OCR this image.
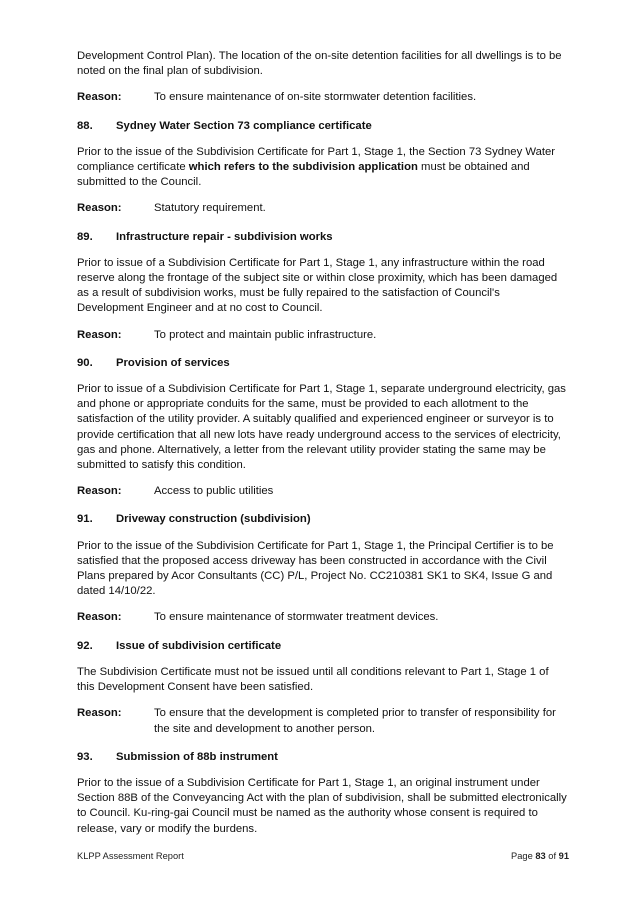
Development Control Plan). The location of the on-site detention facilities for all dwellings is to be noted on the final plan of subdivision.

Reason:	To ensure maintenance of on-site stormwater detention facilities.
88.	Sydney Water Section 73 compliance certificate

Prior to the issue of the Subdivision Certificate for Part 1, Stage 1, the Section 73 Sydney Water compliance certificate which refers to the subdivision application must be obtained and submitted to the Council.

Reason:	Statutory requirement.
89.	Infrastructure repair - subdivision works

Prior to issue of a Subdivision Certificate for Part 1, Stage 1, any infrastructure within the road reserve along the frontage of the subject site or within close proximity, which has been damaged as a result of subdivision works, must be fully repaired to the satisfaction of Council's Development Engineer and at no cost to Council.

Reason:	To protect and maintain public infrastructure.
90.	Provision of services

Prior to issue of a Subdivision Certificate for Part 1, Stage 1, separate underground electricity, gas and phone or appropriate conduits for the same, must be provided to each allotment to the satisfaction of the utility provider. A suitably qualified and experienced engineer or surveyor is to provide certification that all new lots have ready underground access to the services of electricity, gas and phone. Alternatively, a letter from the relevant utility provider stating the same may be submitted to satisfy this condition.

Reason:	Access to public utilities
91.	Driveway construction (subdivision)

Prior to the issue of the Subdivision Certificate for Part 1, Stage 1, the Principal Certifier is to be satisfied that the proposed access driveway has been constructed in accordance with the Civil Plans prepared by Acor Consultants (CC) P/L, Project No. CC210381 SK1 to SK4, Issue G and dated 14/10/22.

Reason:	To ensure maintenance of stormwater treatment devices.
92.	Issue of subdivision certificate

The Subdivision Certificate must not be issued until all conditions relevant to Part 1, Stage 1 of this Development Consent have been satisfied.

Reason:	To ensure that the development is completed prior to transfer of responsibility for the site and development to another person.
93.	Submission of 88b instrument

Prior to the issue of a Subdivision Certificate for Part 1, Stage 1, an original instrument under Section 88B of the Conveyancing Act with the plan of subdivision, shall be submitted electronically to Council. Ku-ring-gai Council must be named as the authority whose consent is required to release, vary or modify the burdens.

KLPP Assessment Report	Page 83 of 91
